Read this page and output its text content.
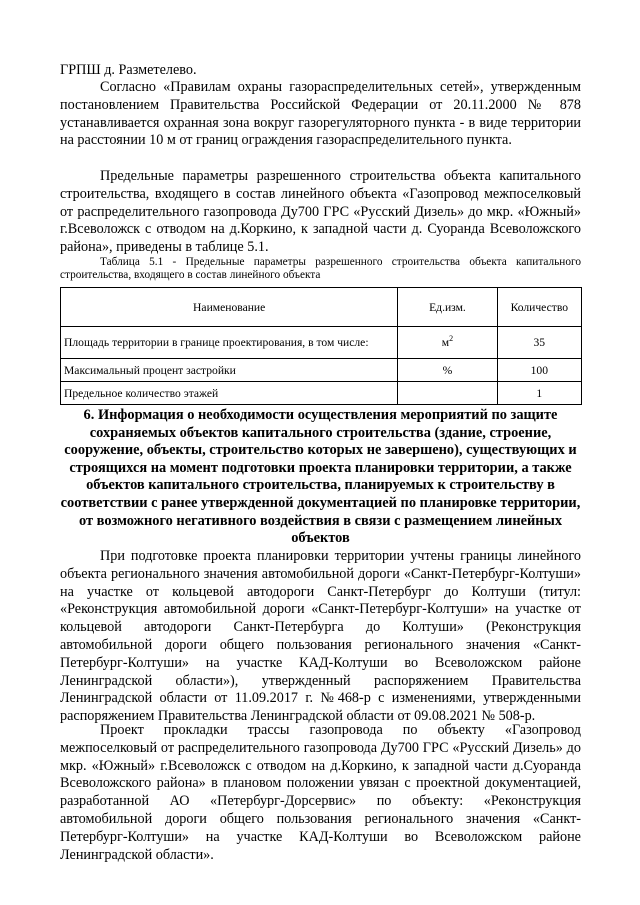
ГРПШ д. Разметелево.

Согласно «Правилам охраны газораспределительных сетей», утвержденным постановлением Правительства Российской Федерации от 20.11.2000 № 878 устанавливается охранная зона вокруг газорегуляторного пункта - в виде территории на расстоянии 10 м от границ ограждения газораспределительного пункта.

Предельные параметры разрешенного строительства объекта капитального строительства, входящего в состав линейного объекта «Газопровод межпоселковый от распределительного газопровода Ду700 ГРС «Русский Дизель» до мкр. «Южный» г.Всеволожск с отводом на д.Коркино, к западной части д. Суоранда Всеволожского района», приведены в таблице 5.1.

Таблица 5.1 - Предельные параметры разрешенного строительства объекта капитального строительства, входящего в состав линейного объекта

Наименование	Ед.изм.	Количество
Площадь территории в границе проектирования, в том числе:	$м^2$	35
Максимальный процент застройки	%	100
Предельное количество этажей		1

6. Информация о необходимости осуществления мероприятий по защите сохраняемых объектов капитального строительства (здание, строение, сооружение, объекты, строительство которых не завершено), существующих и строящихся на момент подготовки проекта планировки территории, а также объектов капитального строительства, планируемых к строительству в соответствии с ранее утвержденной документацией по планировке территории, от возможного негативного воздействия в связи с размещением линейных объектов

При подготовке проекта планировки территории учтены границы линейного объекта регионального значения автомобильной дороги «Санкт-Петербург-Колтуши» на участке от кольцевой автодороги Санкт-Петербург до Колтуши (титул: «Реконструкция автомобильной дороги «Санкт-Петербург-Колтуши» на участке от кольцевой автодороги Санкт-Петербурга до Колтуши» (Реконструкция автомобильной дороги общего пользования регионального значения «Санкт-Петербург-Колтуши» на участке КАД-Колтуши во Всеволожском районе Ленинградской области»), утвержденный распоряжением Правительства Ленинградской области от 11.09.2017 г. №468-р с изменениями, утвержденными распоряжением Правительства Ленинградской области от 09.08.2021 № 508-р.

Проект прокладки трассы газопровода по объекту «Газопровод межпоселковый от распределительного газопровода Ду700 ГРС «Русский Дизель» до мкр. «Южный» г.Всеволожск с отводом на д.Коркино, к западной части д.Суоранда Всеволожского района» в плановом положении увязан с проектной документацией, разработанной АО «Петербург-Дорсервис» по объекту: «Реконструкция автомобильной дороги общего пользования регионального значения «Санкт-Петербург-Колтуши» на участке КАД-Колтуши во Всеволожском районе Ленинградской области».
